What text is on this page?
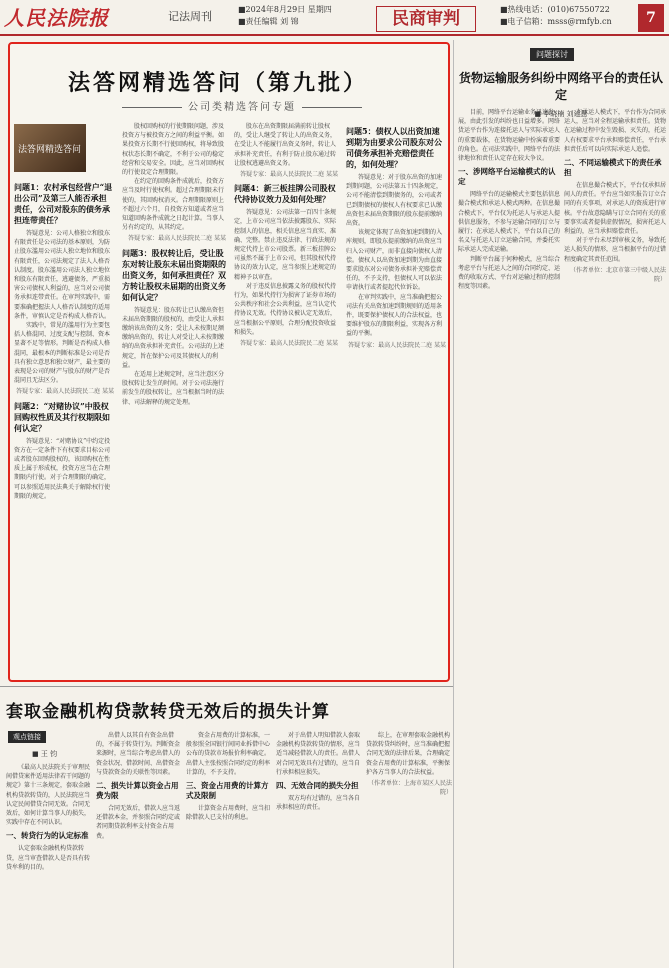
人民法院报	记法周刊
■2024年8月29日 星期四
■责任编辑 刘 锦	民商审判	■热线电话：(010)67550722
■电子信箱：msss@rmfyb.cn	7
法答网精选答问（第九批）
公司类精选答问专题
法答网精选答问
问题1：农村承包经营户“退出公司”及第三人能否承担责任，公司对股东的债务承担连带责任？
答疑意见：公司人格独立和股东有限责任是公司法的基本原则，为防止股东滥用公司法人独立地位和股东有限责任，公司法规定了法人人格否认制度。股东滥用公司法人独立地位和股东有限责任，逃避债务，严重损害公司债权人利益的，应当对公司债务承担连带责任。在审判实践中，需要准确把握法人人格否认制度的适用条件，审慎认定是否构成人格否认。
实践中，常见的滥用行为主要包括人格混同、过度支配与控制、资本显著不足等情形。判断是否构成人格混同，最根本的判断标准是公司是否具有独立意思和独立财产，最主要的表现是公司的财产与股东的财产是否混同且无法区分。
答疑专家：最高人民法院民二庭 某某
问题2：“对赌协议”中股权回购权性质及其行权期限如何认定？
答疑意见：“对赌协议”中约定投资方在一定条件下有权要求目标公司或者股东回购股权的，该回购权在性质上属于形成权，投资方应当在合理期限内行使。对于合理期限的确定，可以参照适用民法典关于解除权行使期限的规定。
股权回购权的行使期限问题，涉及投资方与被投资方之间的利益平衡。如果投资方长期不行使回购权，将导致股权状态长期不确定，不利于公司的稳定经营和交易安全。因此，应当对回购权的行使设定合理期限。
在约定的回购条件成就后，投资方应当及时行使权利。超过合理期限未行使的，其回购权消灭。合理期限原则上不超过六个月，自投资方知道或者应当知道回购条件成就之日起计算。当事人另有约定的，从其约定。
答疑专家：最高人民法院民二庭 某某
问题3：股权转让后，受让股东对转让股东未届出资期限的出资义务，如何承担责任？双方转让股权未届期的出资义务如何认定？
答疑意见：股东转让已认缴出资但未届出资期限的股权的，由受让人承担缴纳该出资的义务；受让人未按期足额缴纳出资的，转让人对受让人未按期缴纳的出资承担补充责任。公司法的上述规定，旨在保护公司及其债权人的利益。
在适用上述规定时，应当注意区分股权转让发生的时间。对于公司法施行前发生的股权转让，应当根据当时的法律、司法解释的规定处理。
股东在出资期限届满前转让股权的，受让人继受了转让人的出资义务，在受让人不能履行出资义务时，转让人承担补充责任，有利于防止股东通过转让股权逃避出资义务。
答疑专家：最高人民法院民二庭 某某
问题4：新三板挂牌公司股权代持协议效力及如何处理？
答疑意见：公司法第一百四十条规定，上市公司应当依法披露股东、实际控制人的信息，相关信息应当真实、准确、完整。禁止违反法律、行政法规的规定代持上市公司股票。新三板挂牌公司虽然不属于上市公司，但其股权代持协议的效力认定，应当参照上述规定的精神予以审查。
对于违反信息披露义务的股权代持行为，如果代持行为损害了证券市场的公共秩序和社会公共利益，应当认定代持协议无效。代持协议被认定无效后，应当根据公平原则，合理分配投资收益和损失。
答疑专家：最高人民法院民二庭 某某
问题5：债权人以出资加速到期为由要求公司股东对公司债务承担补充赔偿责任的，如何处理？
答疑意见：对于股东出资的加速到期问题，公司法第五十四条规定，公司不能清偿到期债务的，公司或者已到期债权的债权人有权要求已认缴出资但未届出资期限的股东提前缴纳出资。
该规定体现了出资加速到期的入库规则，即股东提前缴纳的出资应当归入公司财产，而非直接向债权人清偿。债权人以出资加速到期为由直接要求股东对公司债务承担补充赔偿责任的，不予支持，但债权人可以依法申请执行或者提起代位诉讼。
在审判实践中，应当准确把握公司法有关出资加速到期规则的适用条件，既要保护债权人的合法权益，也要维护股东的期限利益，实现各方利益的平衡。
答疑专家：最高人民法院民二庭 某某
问题探讨
货物运输服务纠纷中网络平台的责任认定
■ 李晓楠 刘延慧
目前，网络平台运输业务迅速发展，由此引发的纠纷也日益增多。网络货运平台作为连接托运人与实际承运人的重要载体，在货物运输中扮演着重要的角色。在司法实践中，网络平台的法律地位和责任认定存在较大争议。
一、涉网络平台运输模式的认定
网络平台的运输模式主要包括信息撮合模式和承运人模式两种。在信息撮合模式下，平台仅为托运人与承运人提供信息服务，不参与运输合同的订立与履行；在承运人模式下，平台以自己的名义与托运人订立运输合同，并委托实际承运人完成运输。
判断平台属于何种模式，应当综合考虑平台与托运人之间的合同约定、运费的收取方式、平台对运输过程的控制程度等因素。
在承运人模式下，平台作为合同承运人，应当对全程运输承担责任。货物在运输过程中发生毁损、灭失的，托运人有权要求平台承担赔偿责任，平台承担责任后可以向实际承运人追偿。
二、不同运输模式下的责任承担
在信息撮合模式下，平台仅承担居间人的责任。平台应当如实报告订立合同的有关事项，对承运人的资质进行审核。平台故意隐瞒与订立合同有关的重要事实或者提供虚假情况，损害托运人利益的，应当承担赔偿责任。
对于平台未尽到审核义务，导致托运人损失的情形，应当根据平台的过错程度确定其责任范围。
（作者单位：北京市第三中级人民法院）
套取金融机构贷款转贷无效后的损失计算
观点链接
■ 王 钧
《最高人民法院关于审理民间借贷案件适用法律若干问题的规定》第十三条规定，套取金融机构贷款转贷的，人民法院应当认定民间借贷合同无效。合同无效后，如何计算当事人的损失，实践中存在不同认识。
一、转贷行为的认定标准
认定套取金融机构贷款转贷，应当审查借款人是否具有转贷牟利的目的。
出借人以其自有资金出借的，不属于转贷行为。判断资金来源时，应当综合考虑出借人的资金状况、借款时间、出借资金与贷款资金的关联性等因素。
二、损失计算以资金占用费为限
合同无效后，借款人应当返还借款本金，并参照合同约定或者同期贷款利率支付资金占用费。
资金占用费的计算标准，一般参照全国银行间同业拆借中心公布的贷款市场报价利率确定。出借人主张按照合同约定的利率计算的，不予支持。
三、资金占用费的计算方式及限制
计算资金占用费时，应当扣除借款人已支付的利息。
对于出借人明知借款人套取金融机构贷款转贷的情形，应当适当减轻借款人的责任。出借人对合同无效具有过错的，应当自行承担相应损失。
四、无效合同的损失分担
双方均有过错的，应当各自承担相应的责任。
综上，在审理套取金融机构贷款转贷纠纷时，应当准确把握合同无效的法律后果，合理确定资金占用费的计算标准，平衡保护各方当事人的合法权益。
（作者单位：上海市某区人民法院）
